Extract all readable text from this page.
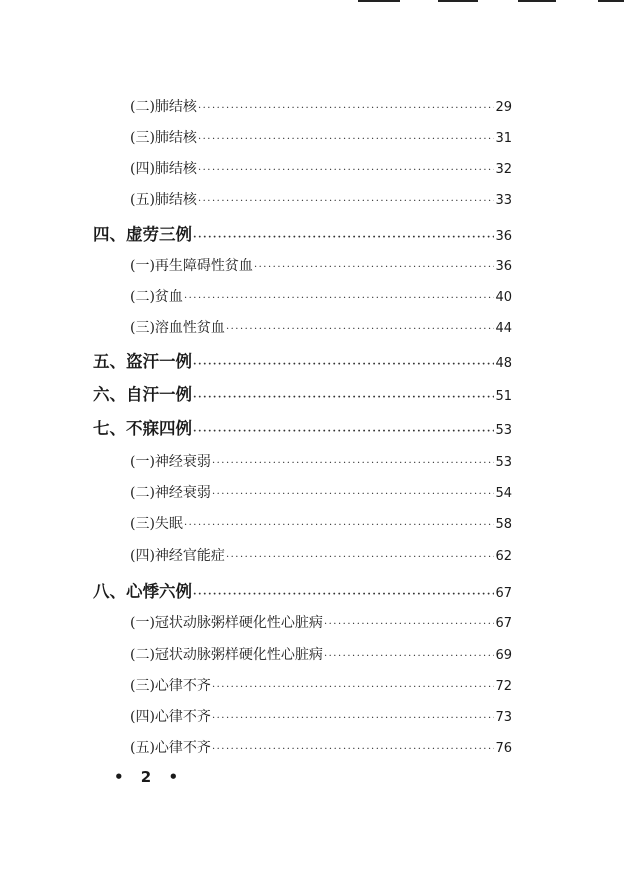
(二)肺结核 ·····	29
(三)肺结核 ·····	31
(四)肺结核 ·····	32
(五)肺结核 ·····	33
四、虚劳三例 ·····	36
(一)再生障碍性贫血 ·····	36
(二)贫血 ·····	40
(三)溶血性贫血 ·····	44
五、盗汗一例 ·····	48
六、自汗一例 ·····	51
七、不寐四例 ·····	53
(一)神经衰弱 ·····	53
(二)神经衰弱 ·····	54
(三)失眠 ·····	58
(四)神经官能症 ·····	62
八、心悸六例 ·····	67
(一)冠状动脉粥样硬化性心脏病 ·····	67
(二)冠状动脉粥样硬化性心脏病 ·····	69
(三)心律不齐 ·····	72
(四)心律不齐 ·····	73
(五)心律不齐 ·····	76
• 2 •
